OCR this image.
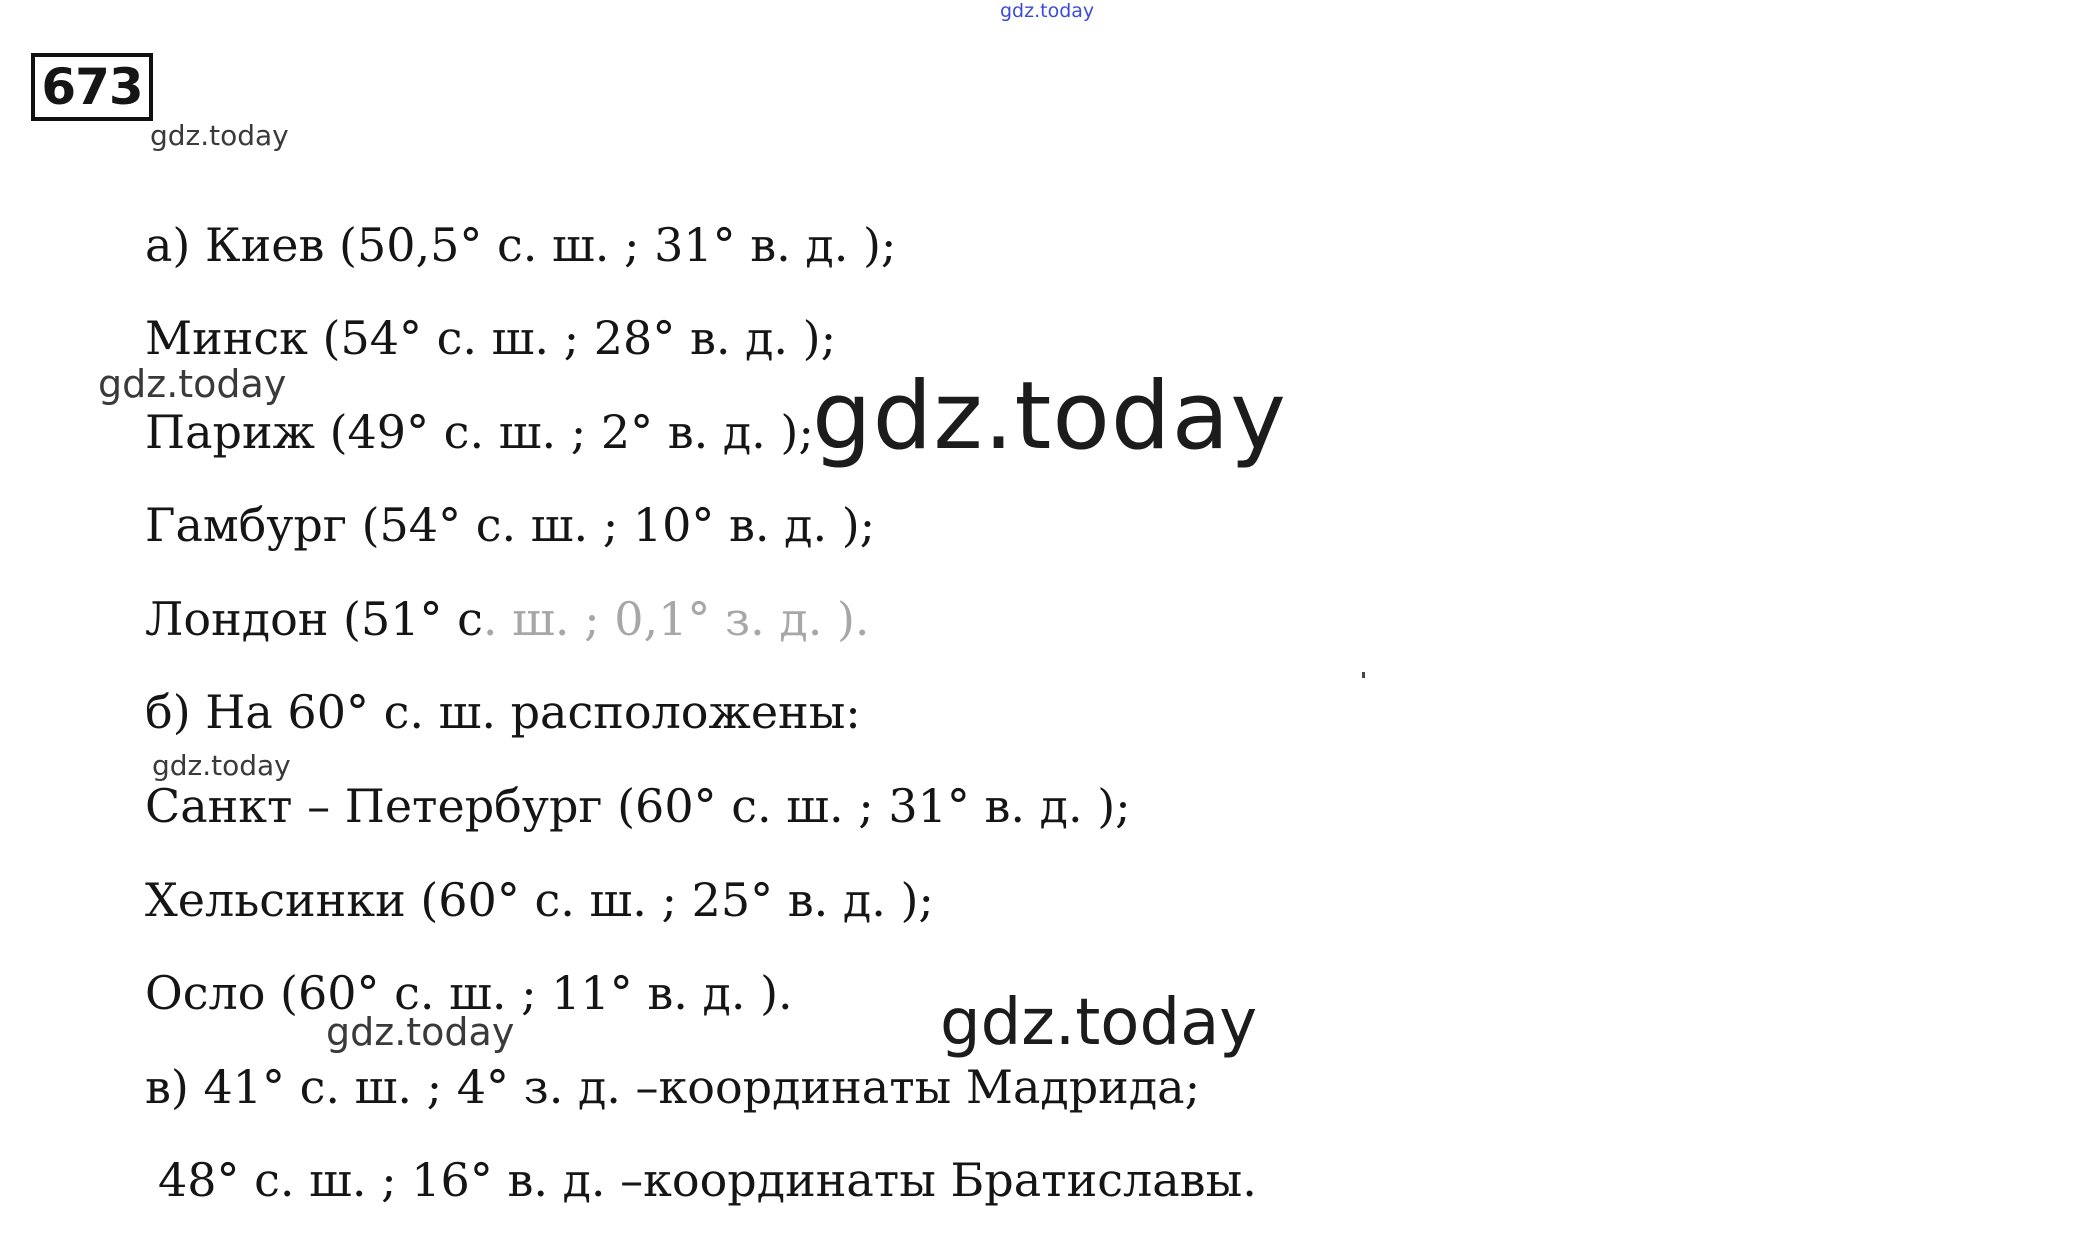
gdz.today
673
gdz.today
а) Киев (50,5° с. ш. ; 31° в. д. );
Минск (54° с. ш. ; 28° в. д. );
gdz.today
Париж (49° с. ш. ; 2° в. д. );
gdz.today
Гамбург (54° с. ш. ; 10° в. д. );
Лондон (51° с. ш. ; 0,1° з. д. ).
б) На 60° с. ш. расположены:
gdz.today
Санкт – Петербург (60° с. ш. ; 31° в. д. );
Хельсинки (60° с. ш. ; 25° в. д. );
Осло (60° с. ш. ; 11° в. д. ).
gdz.today	gdz.today
в) 41° с. ш. ; 4° з. д. –координаты Мадрида;
48° с. ш. ; 16° в. д. –координаты Братиславы.
